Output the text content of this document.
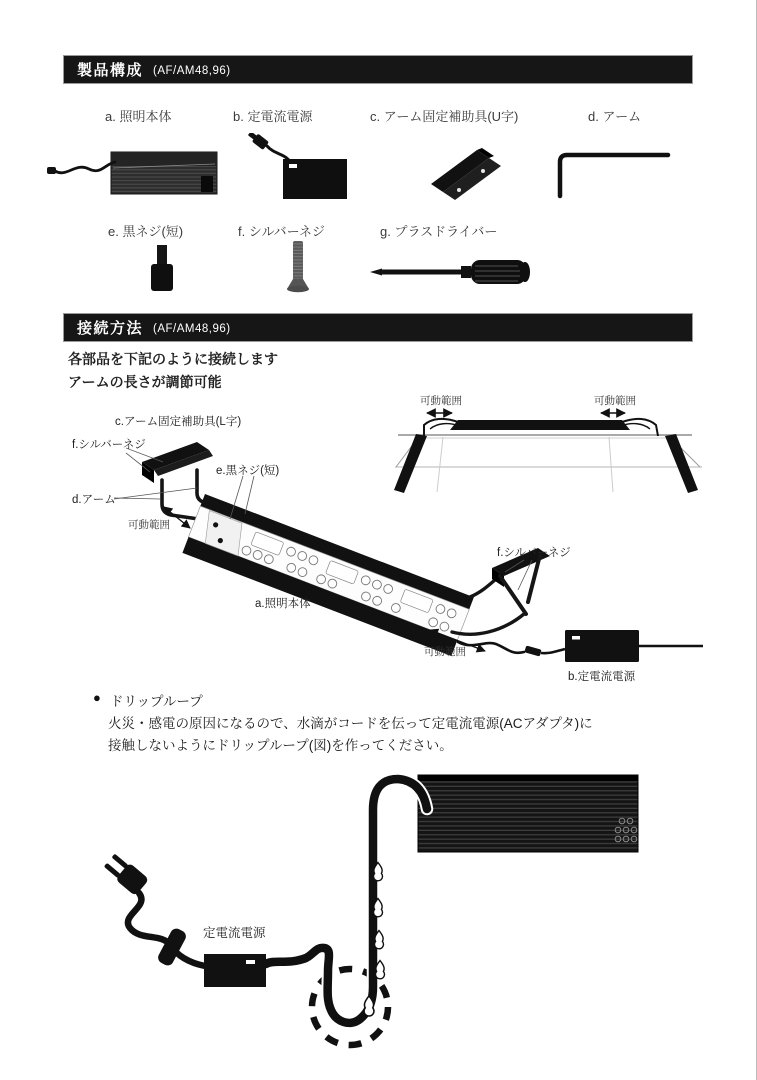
製品構成 (AF/AM48,96)
a. 照明本体	b. 定電流電源	c. アーム固定補助具(U字)	d. アーム
e. 黒ネジ(短)	f. シルバーネジ	g. プラスドライバー
接続方法 (AF/AM48,96)
各部品を下記のように接続します
アームの長さが調節可能
c.アーム固定補助具(L字)
f.シルバーネジ
e.黒ネジ(短)
d.アーム
可動範囲
可動範囲	可動範囲
a.照明本体
f.シルバーネジ
可動範囲
b.定電流電源
● ドリップループ
火災・感電の原因になるので、水滴がコードを伝って定電流電源(ACアダプタ)に
接触しないようにドリップループ(図)を作ってください。
定電流電源
